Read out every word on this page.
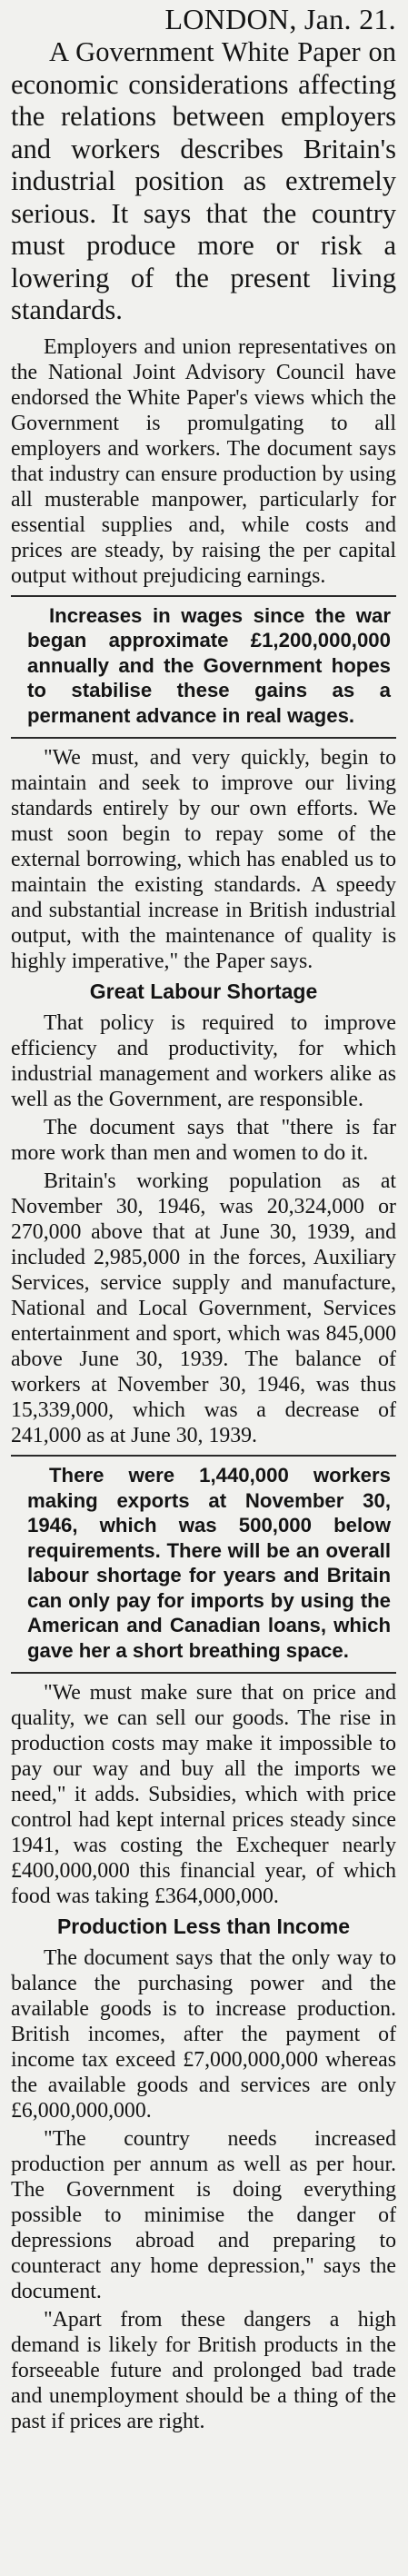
LONDON, Jan. 21.

A Government White Paper on economic considerations affecting the relations between employers and workers describes Britain's industrial position as extremely serious. It says that the country must produce more or risk a lowering of the present living standards.

Employers and union representatives on the National Joint Advisory Council have endorsed the White Paper's views which the Government is promulgating to all employers and workers. The document says that industry can ensure production by using all musterable manpower, particularly for essential supplies and, while costs and prices are steady, by raising the per capital output without prejudicing earnings.

Increases in wages since the war began approximate £1,200,000,000 annually and the Government hopes to stabilise these gains as a permanent advance in real wages.

"We must, and very quickly, begin to maintain and seek to improve our living standards entirely by our own efforts. We must soon begin to repay some of the external borrowing, which has enabled us to maintain the existing standards. A speedy and substantial increase in British industrial output, with the maintenance of quality is highly imperative," the Paper says.

Great Labour Shortage

That policy is required to improve efficiency and productivity, for which industrial management and workers alike as well as the Government, are responsible.

The document says that "there is far more work than men and women to do it.

Britain's working population as at November 30, 1946, was 20,324,000 or 270,000 above that at June 30, 1939, and included 2,985,000 in the forces, Auxiliary Services, service supply and manufacture, National and Local Government, Services entertainment and sport, which was 845,000 above June 30, 1939. The balance of workers at November 30, 1946, was thus 15,339,000, which was a decrease of 241,000 as at June 30, 1939.

There were 1,440,000 workers making exports at November 30, 1946, which was 500,000 below requirements. There will be an overall labour shortage for years and Britain can only pay for imports by using the American and Canadian loans, which gave her a short breathing space.

"We must make sure that on price and quality, we can sell our goods. The rise in production costs may make it impossible to pay our way and buy all the imports we need," it adds. Subsidies, which with price control had kept internal prices steady since 1941, was costing the Exchequer nearly £400,000,000 this financial year, of which food was taking £364,000,000.

Production Less than Income

The document says that the only way to balance the purchasing power and the available goods is to increase production. British incomes, after the payment of income tax exceed £7,000,000,000 whereas the available goods and services are only £6,000,000,000.

"The country needs increased production per annum as well as per hour. The Government is doing everything possible to minimise the danger of depressions abroad and preparing to counteract any home depression," says the document.

"Apart from these dangers a high demand is likely for British products in the forseeable future and prolonged bad trade and unemployment should be a thing of the past if prices are right.
